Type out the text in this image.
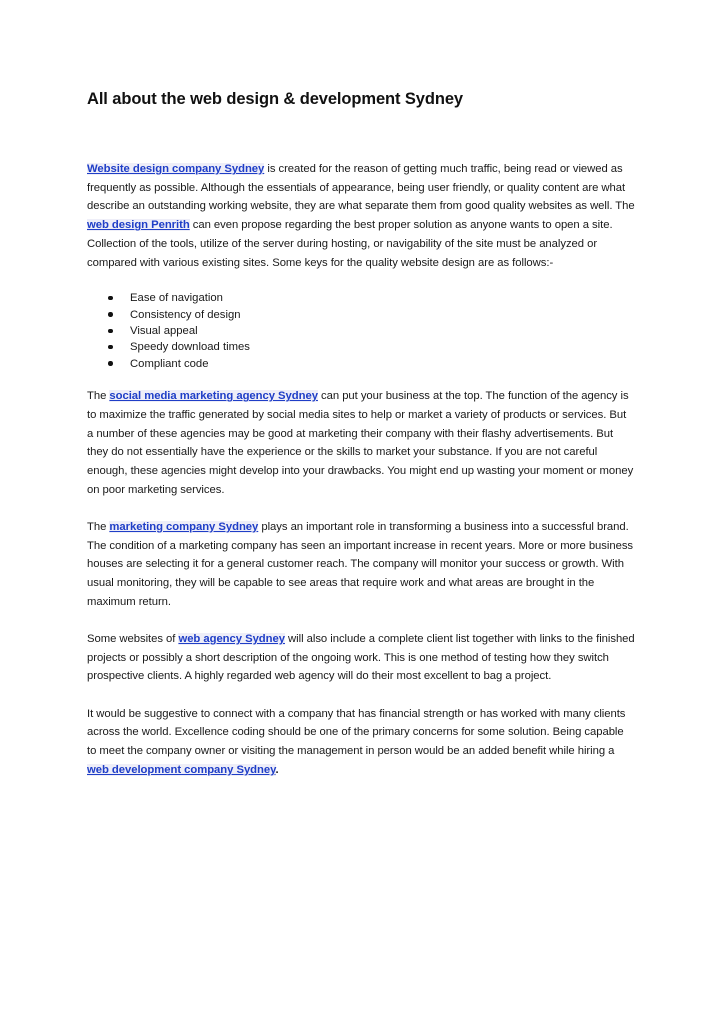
All about the web design & development Sydney

Website design company Sydney is created for the reason of getting much traffic, being read or viewed as frequently as possible. Although the essentials of appearance, being user friendly, or quality content are what describe an outstanding working website, they are what separate them from good quality websites as well. The web design Penrith can even propose regarding the best proper solution as anyone wants to open a site. Collection of the tools, utilize of the server during hosting, or navigability of the site must be analyzed or compared with various existing sites. Some keys for the quality website design are as follows:-

Ease of navigation
Consistency of design
Visual appeal
Speedy download times
Compliant code

The social media marketing agency Sydney can put your business at the top. The function of the agency is to maximize the traffic generated by social media sites to help or market a variety of products or services. But a number of these agencies may be good at marketing their company with their flashy advertisements. But they do not essentially have the experience or the skills to market your substance. If you are not careful enough, these agencies might develop into your drawbacks. You might end up wasting your moment or money on poor marketing services.

The marketing company Sydney plays an important role in transforming a business into a successful brand. The condition of a marketing company has seen an important increase in recent years. More or more business houses are selecting it for a general customer reach. The company will monitor your success or growth. With usual monitoring, they will be capable to see areas that require work and what areas are brought in the maximum return.

Some websites of web agency Sydney will also include a complete client list together with links to the finished projects or possibly a short description of the ongoing work. This is one method of testing how they switch prospective clients. A highly regarded web agency will do their most excellent to bag a project.

It would be suggestive to connect with a company that has financial strength or has worked with many clients across the world. Excellence coding should be one of the primary concerns for some solution. Being capable to meet the company owner or visiting the management in person would be an added benefit while hiring a web development company Sydney.
